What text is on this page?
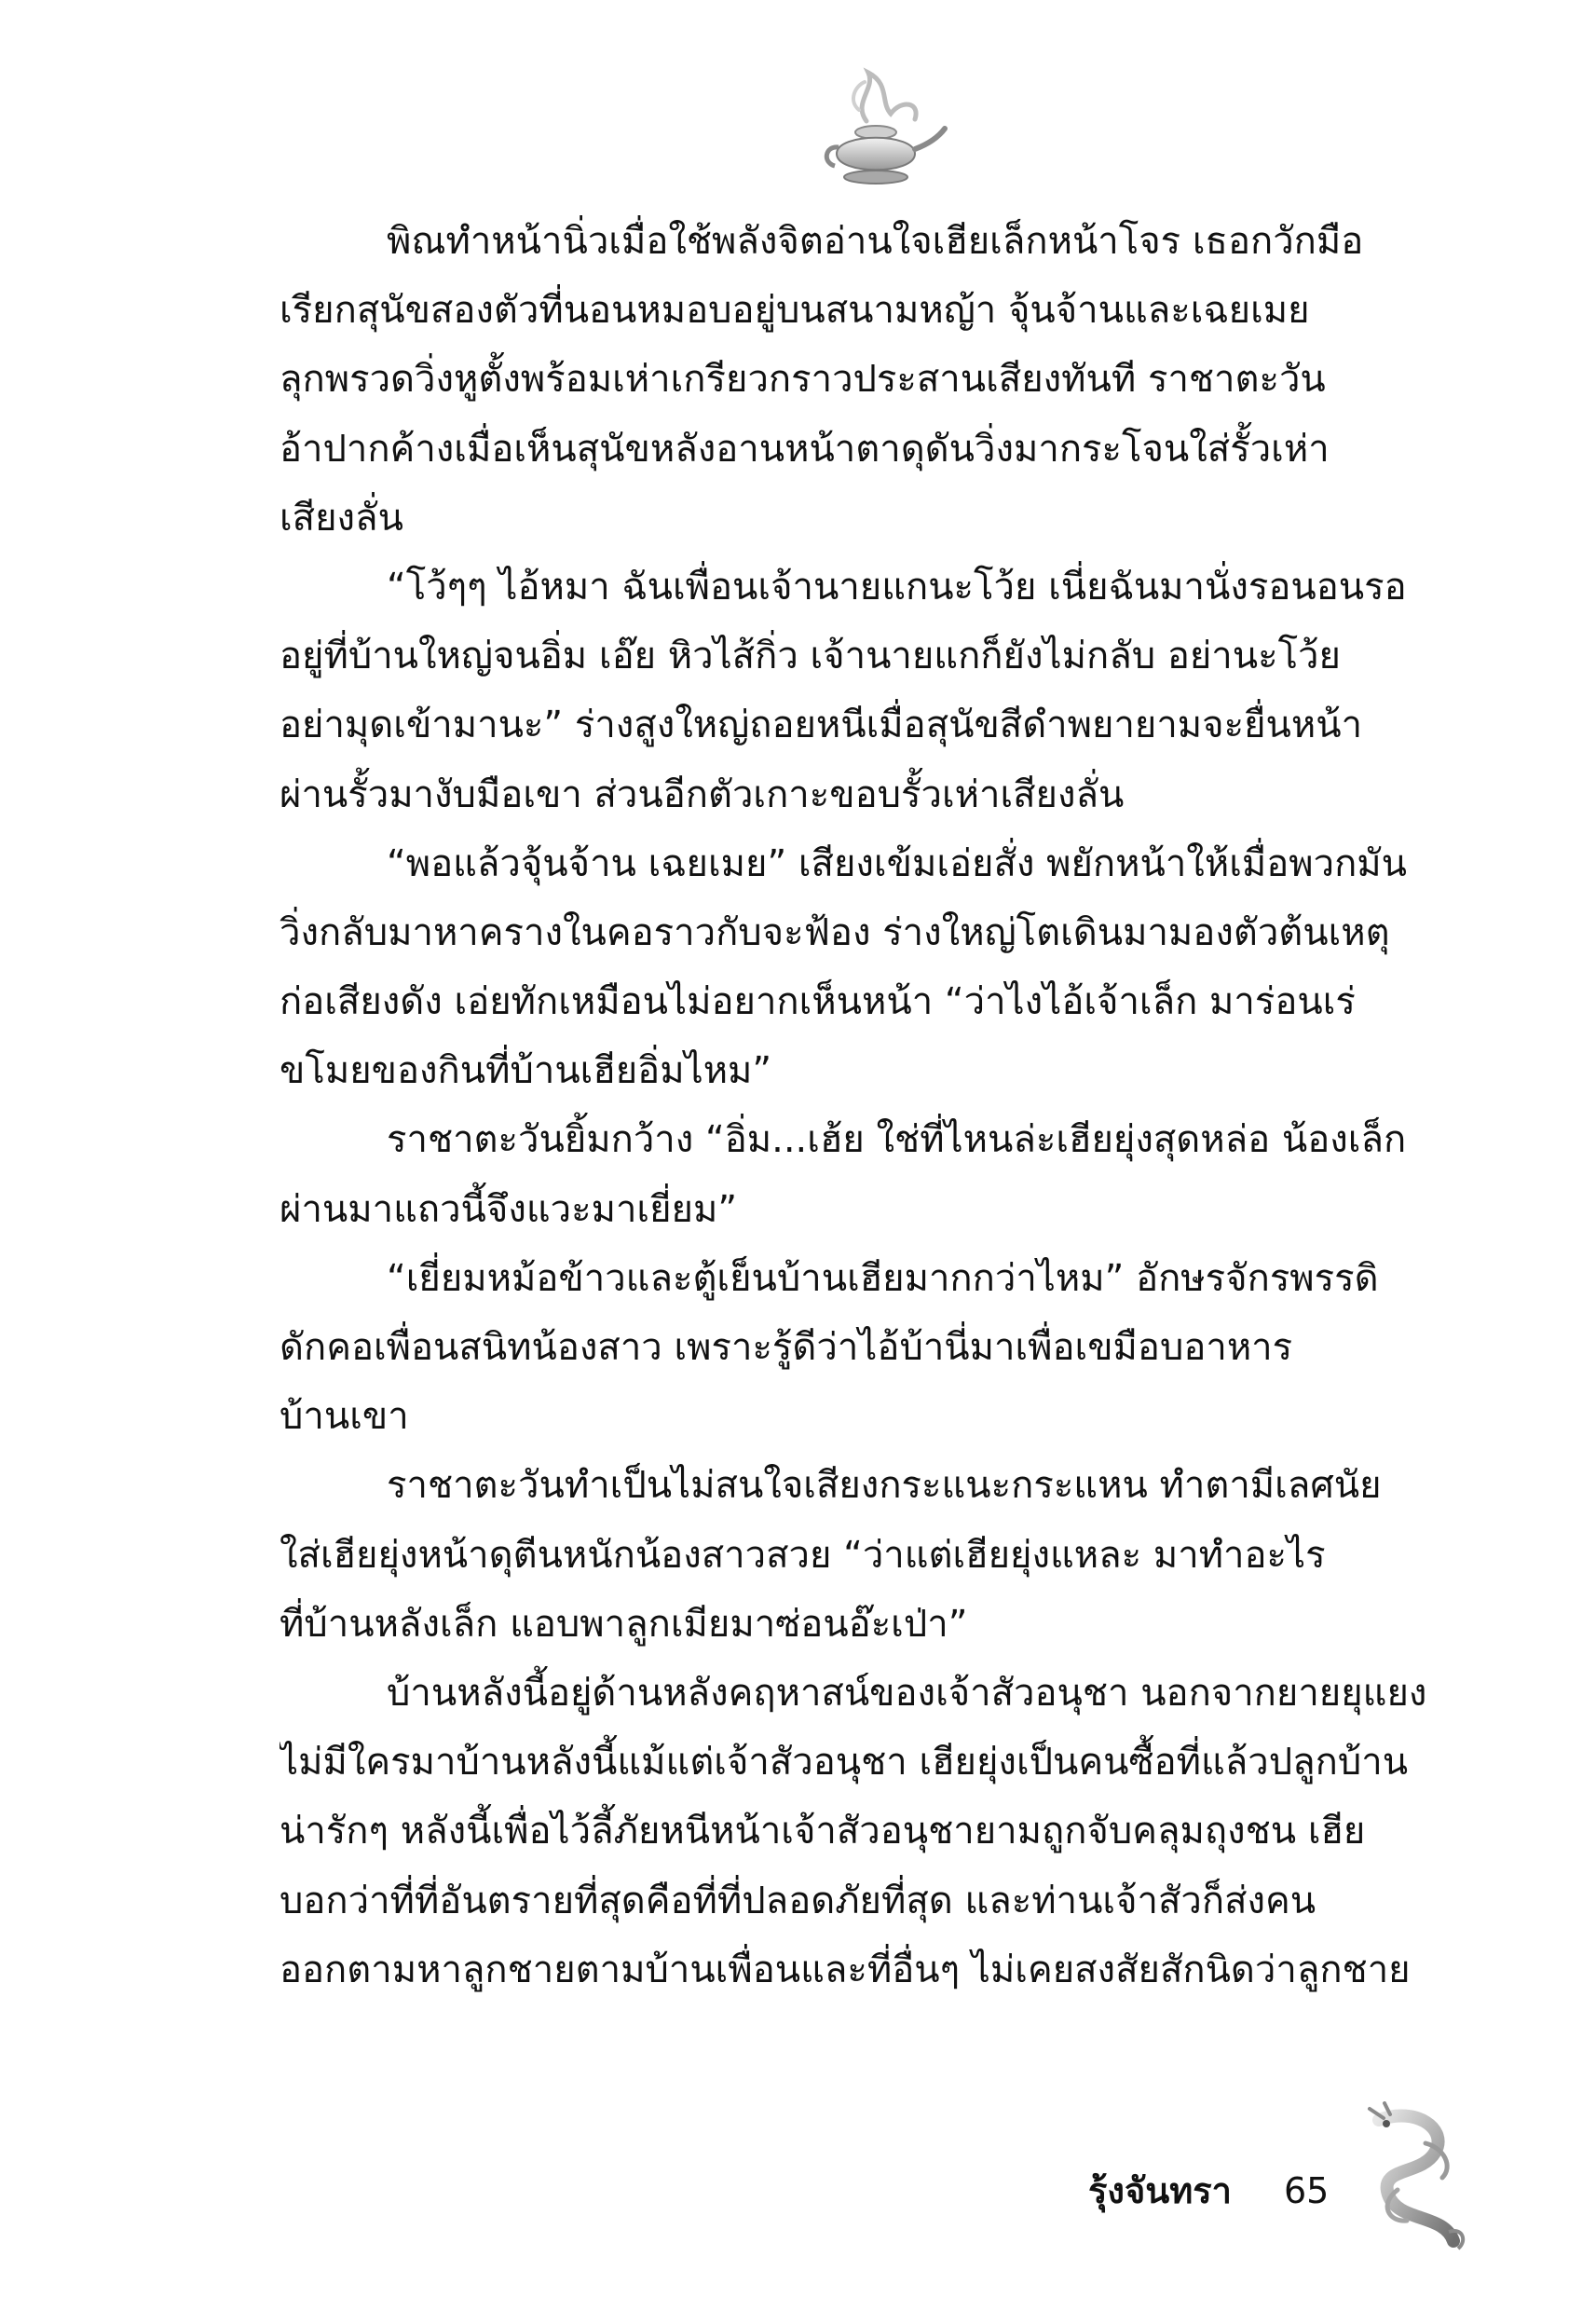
พิณทำหน้านิ่วเมื่อใช้พลังจิตอ่านใจเฮียเล็กหน้าโจร เธอกวักมือ
เรียกสุนัขสองตัวที่นอนหมอบอยู่บนสนามหญ้า จุ้นจ้านและเฉยเมย
ลุกพรวดวิ่งหูตั้งพร้อมเห่าเกรียวกราวประสานเสียงทันที ราชาตะวัน
อ้าปากค้างเมื่อเห็นสุนัขหลังอานหน้าตาดุดันวิ่งมากระโจนใส่รั้วเห่า
เสียงลั่น
“โว้ๆๆ ไอ้หมา ฉันเพื่อนเจ้านายแกนะโว้ย เนี่ยฉันมานั่งรอนอนรอ
อยู่ที่บ้านใหญ่จนอิ่ม เอ๊ย หิวไส้กิ่ว เจ้านายแกก็ยังไม่กลับ อย่านะโว้ย
อย่ามุดเข้ามานะ” ร่างสูงใหญ่ถอยหนีเมื่อสุนัขสีดำพยายามจะยื่นหน้า
ผ่านรั้วมางับมือเขา ส่วนอีกตัวเกาะขอบรั้วเห่าเสียงลั่น
“พอแล้วจุ้นจ้าน เฉยเมย” เสียงเข้มเอ่ยสั่ง พยักหน้าให้เมื่อพวกมัน
วิ่งกลับมาหาครางในคอราวกับจะฟ้อง ร่างใหญ่โตเดินมามองตัวต้นเหตุ
ก่อเสียงดัง เอ่ยทักเหมือนไม่อยากเห็นหน้า “ว่าไงไอ้เจ้าเล็ก มาร่อนเร่
ขโมยของกินที่บ้านเฮียอิ่มไหม”
ราชาตะวันยิ้มกว้าง “อิ่ม...เฮ้ย ใช่ที่ไหนล่ะเฮียยุ่งสุดหล่อ น้องเล็ก
ผ่านมาแถวนี้จึงแวะมาเยี่ยม”
“เยี่ยมหม้อข้าวและตู้เย็นบ้านเฮียมากกว่าไหม” อักษรจักรพรรดิ
ดักคอเพื่อนสนิทน้องสาว เพราะรู้ดีว่าไอ้บ้านี่มาเพื่อเขมือบอาหาร
บ้านเขา
ราชาตะวันทำเป็นไม่สนใจเสียงกระแนะกระแหน ทำตามีเลศนัย
ใส่เฮียยุ่งหน้าดุตีนหนักน้องสาวสวย “ว่าแต่เฮียยุ่งแหละ มาทำอะไร
ที่บ้านหลังเล็ก แอบพาลูกเมียมาซ่อนอ๊ะเป่า”
บ้านหลังนี้อยู่ด้านหลังคฤหาสน์ของเจ้าสัวอนุชา นอกจากยายยุแยง
ไม่มีใครมาบ้านหลังนี้แม้แต่เจ้าสัวอนุชา เฮียยุ่งเป็นคนซื้อที่แล้วปลูกบ้าน
น่ารักๆ หลังนี้เพื่อไว้ลี้ภัยหนีหน้าเจ้าสัวอนุชายามถูกจับคลุมถุงชน เฮีย
บอกว่าที่ที่อันตรายที่สุดคือที่ที่ปลอดภัยที่สุด และท่านเจ้าสัวก็ส่งคน
ออกตามหาลูกชายตามบ้านเพื่อนและที่อื่นๆ ไม่เคยสงสัยสักนิดว่าลูกชาย
รุ้งจันทรา 65
